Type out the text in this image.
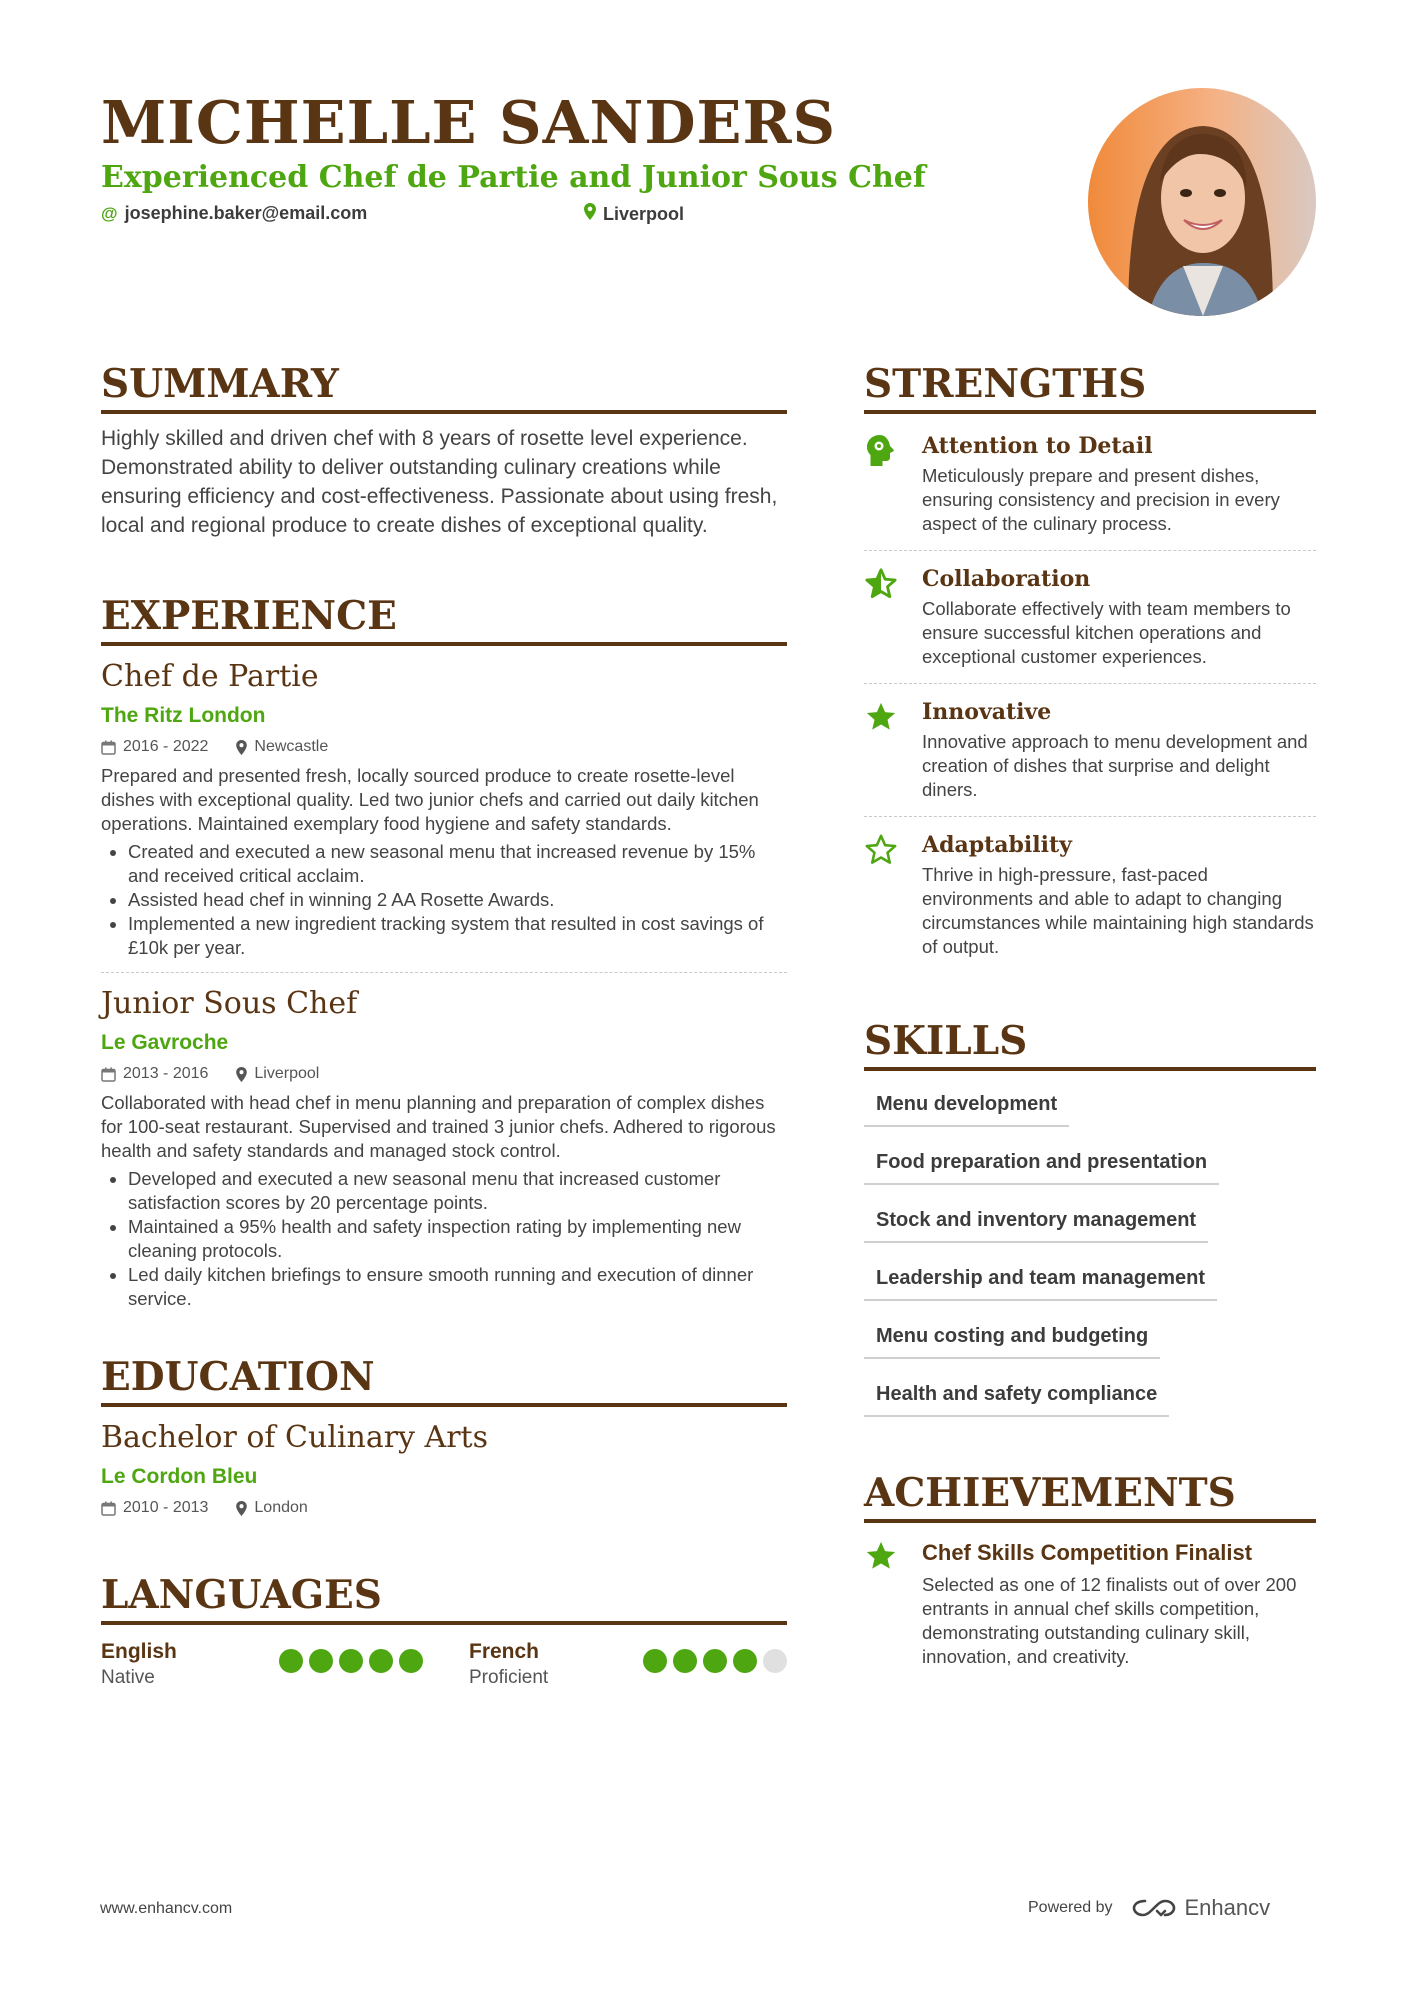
MICHELLE SANDERS
Experienced Chef de Partie and Junior Sous Chef
@ josephine.baker@email.com	Liverpool
SUMMARY
Highly skilled and driven chef with 8 years of rosette level experience. Demonstrated ability to deliver outstanding culinary creations while ensuring efficiency and cost-effectiveness. Passionate about using fresh, local and regional produce to create dishes of exceptional quality.
EXPERIENCE
Chef de Partie
The Ritz London
2016 - 2022	Newcastle
Prepared and presented fresh, locally sourced produce to create rosette-level dishes with exceptional quality. Led two junior chefs and carried out daily kitchen operations. Maintained exemplary food hygiene and safety standards.
• Created and executed a new seasonal menu that increased revenue by 15% and received critical acclaim.
• Assisted head chef in winning 2 AA Rosette Awards.
• Implemented a new ingredient tracking system that resulted in cost savings of £10k per year.
Junior Sous Chef
Le Gavroche
2013 - 2016	Liverpool
Collaborated with head chef in menu planning and preparation of complex dishes for 100-seat restaurant. Supervised and trained 3 junior chefs. Adhered to rigorous health and safety standards and managed stock control.
• Developed and executed a new seasonal menu that increased customer satisfaction scores by 20 percentage points.
• Maintained a 95% health and safety inspection rating by implementing new cleaning protocols.
• Led daily kitchen briefings to ensure smooth running and execution of dinner service.
EDUCATION
Bachelor of Culinary Arts
Le Cordon Bleu
2010 - 2013	London
LANGUAGES
English
Native
French
Proficient
STRENGTHS
Attention to Detail
Meticulously prepare and present dishes, ensuring consistency and precision in every aspect of the culinary process.
Collaboration
Collaborate effectively with team members to ensure successful kitchen operations and exceptional customer experiences.
Innovative
Innovative approach to menu development and creation of dishes that surprise and delight diners.
Adaptability
Thrive in high-pressure, fast-paced environments and able to adapt to changing circumstances while maintaining high standards of output.
SKILLS
Menu development
Food preparation and presentation
Stock and inventory management
Leadership and team management
Menu costing and budgeting
Health and safety compliance
ACHIEVEMENTS
Chef Skills Competition Finalist
Selected as one of 12 finalists out of over 200 entrants in annual chef skills competition, demonstrating outstanding culinary skill, innovation, and creativity.
www.enhancv.com	Powered by	Enhancv
